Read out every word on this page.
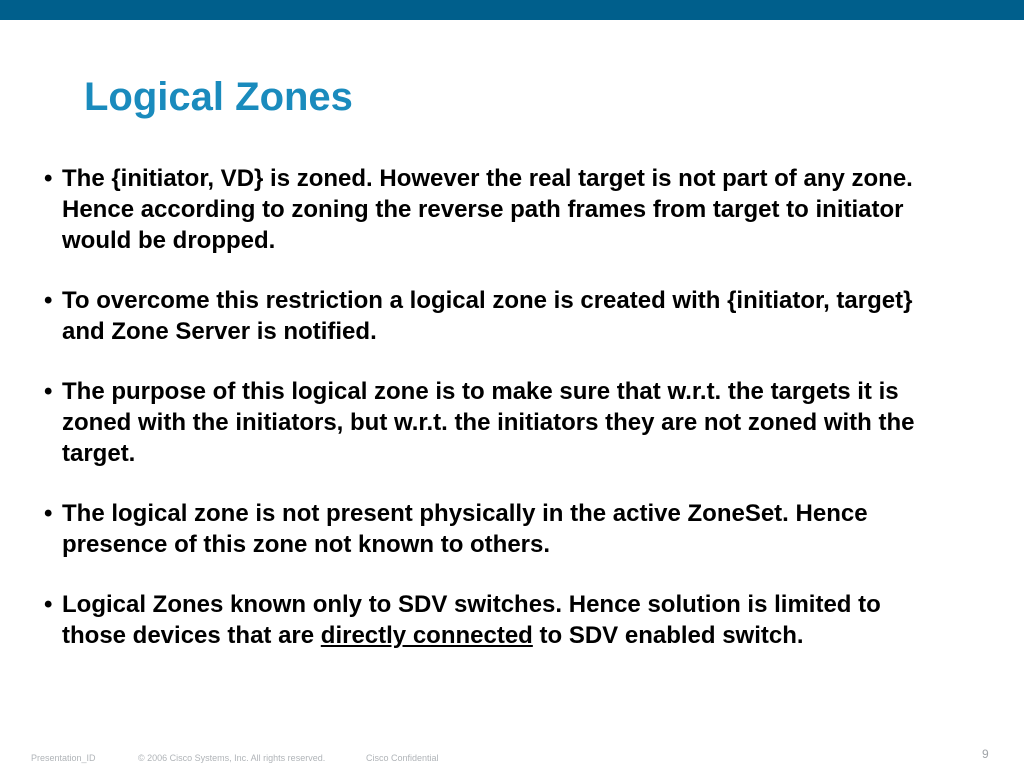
Logical Zones
• The {initiator, VD} is zoned. However the real target is not part of any zone. Hence according to zoning the reverse path frames from target to initiator would be dropped.
• To overcome this restriction a logical zone is created with {initiator, target} and Zone Server is notified.
• The purpose of this logical zone is to make sure that w.r.t. the targets it is zoned with the initiators, but w.r.t. the initiators they are not zoned with the target.
• The logical zone is not present physically in the active ZoneSet. Hence presence of this zone not known to others.
• Logical Zones known only to SDV switches. Hence solution is limited to those devices that are directly connected to SDV enabled switch.
Presentation_ID	© 2006 Cisco Systems, Inc. All rights reserved.	Cisco Confidential	9
